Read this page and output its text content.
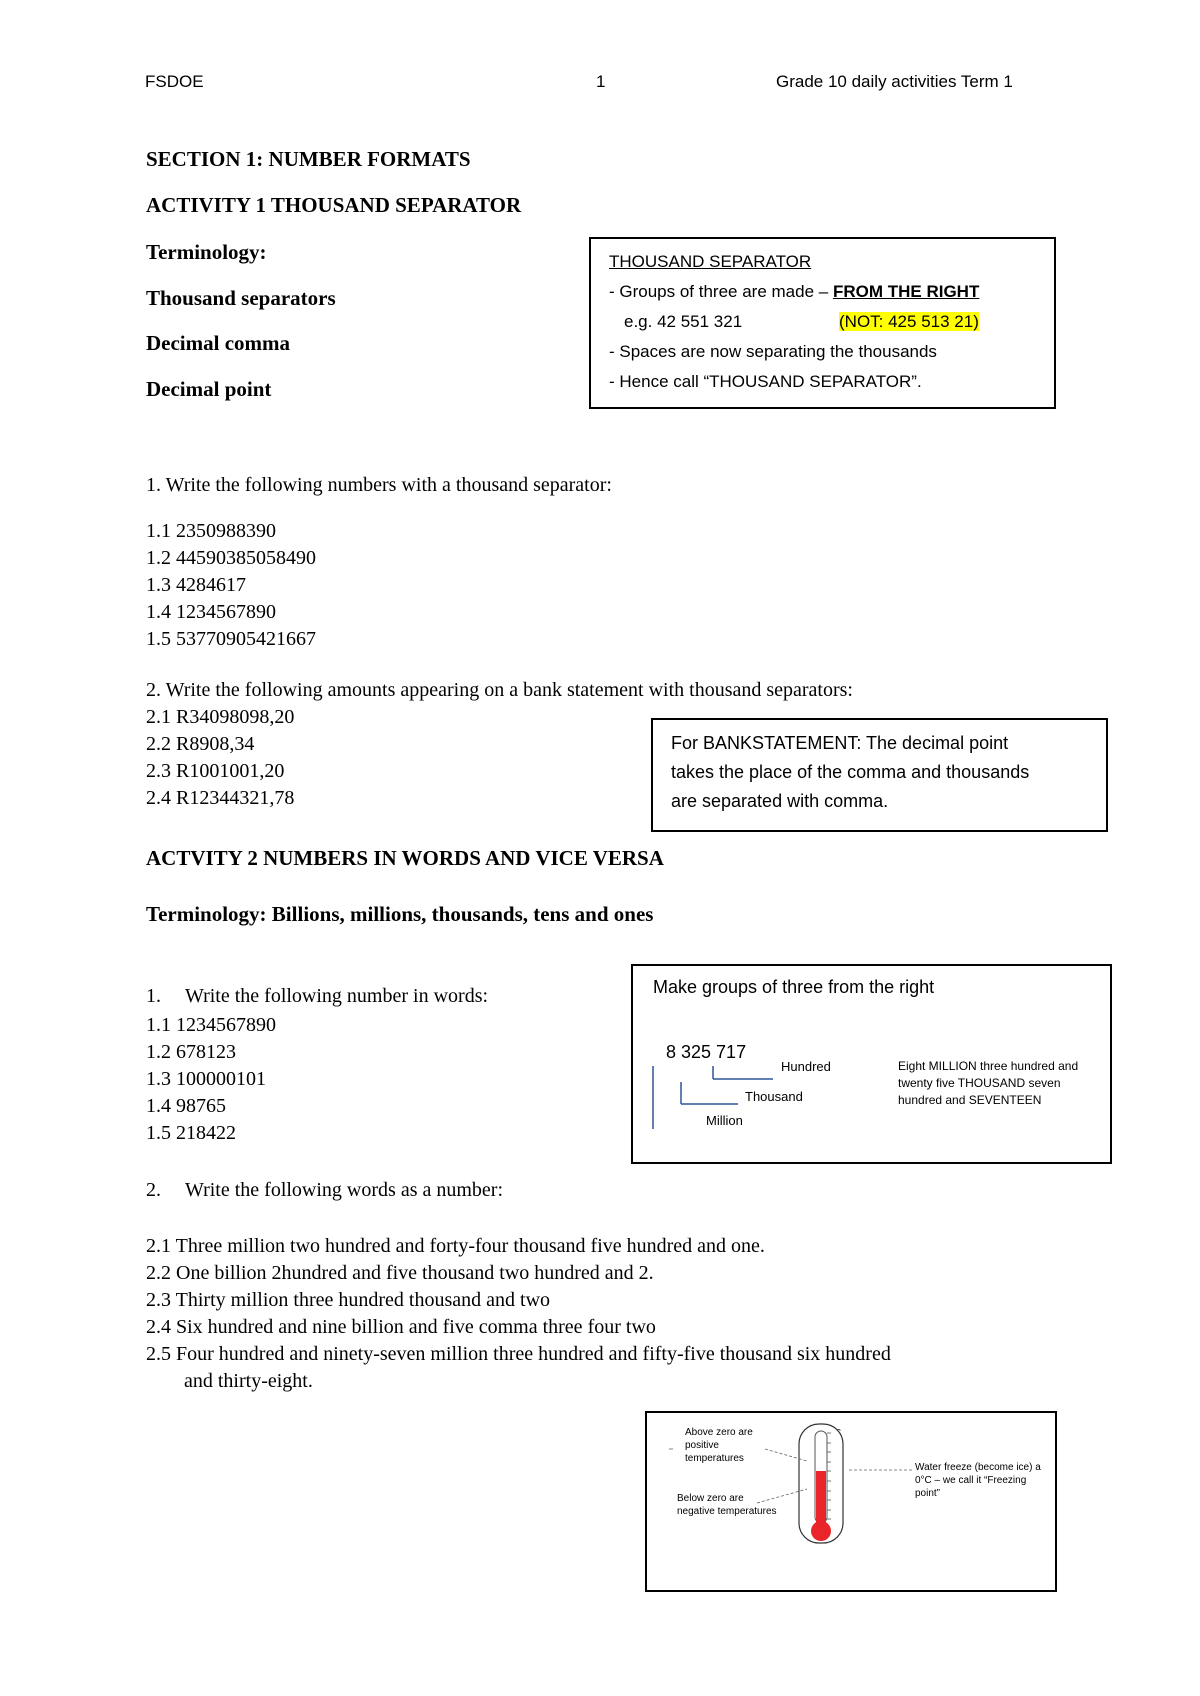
FSDOE	1	Grade 10 daily activities Term 1
SECTION 1: NUMBER FORMATS
ACTIVITY 1 THOUSAND SEPARATOR
Terminology:
Thousand separators
Decimal comma
Decimal point
THOUSAND SEPARATOR
- Groups of three are made – FROM THE RIGHT
e.g. 42 551 321	(NOT: 425 513 21)
- Spaces are now separating the thousands
- Hence call “THOUSAND SEPARATOR”.
1. Write the following numbers with a thousand separator:
1.1 2350988390
1.2 44590385058490
1.3 4284617
1.4 1234567890
1.5 53770905421667
2. Write the following amounts appearing on a bank statement with thousand separators:
2.1 R34098098,20
2.2 R8908,34
2.3 R1001001,20
2.4 R12344321,78
For BANKSTATEMENT: The decimal point
takes the place of the comma and thousands
are separated with comma.
ACTVITY 2 NUMBERS IN WORDS AND VICE VERSA
Terminology: Billions, millions, thousands, tens and ones
1. Write the following number in words:
1.1 1234567890
1.2 678123
1.3 100000101
1.4 98765
1.5 218422
Make groups of three from the right
8 325 717
Hundred
Thousand
Million
Eight MILLION three hundred and
twenty five THOUSAND seven
hundred and SEVENTEEN
2. Write the following words as a number:
2.1 Three million two hundred and forty-four thousand five hundred and one.
2.2 One billion 2hundred and five thousand two hundred and 2.
2.3 Thirty million three hundred thousand and two
2.4 Six hundred and nine billion and five comma three four two
2.5 Four hundred and ninety-seven million three hundred and fifty-five thousand six hundred
and thirty-eight.
Above zero are
positive
temperatures
Below zero are
negative temperatures
Water freeze (become ice) a
0°C – we call it “Freezing
point”
